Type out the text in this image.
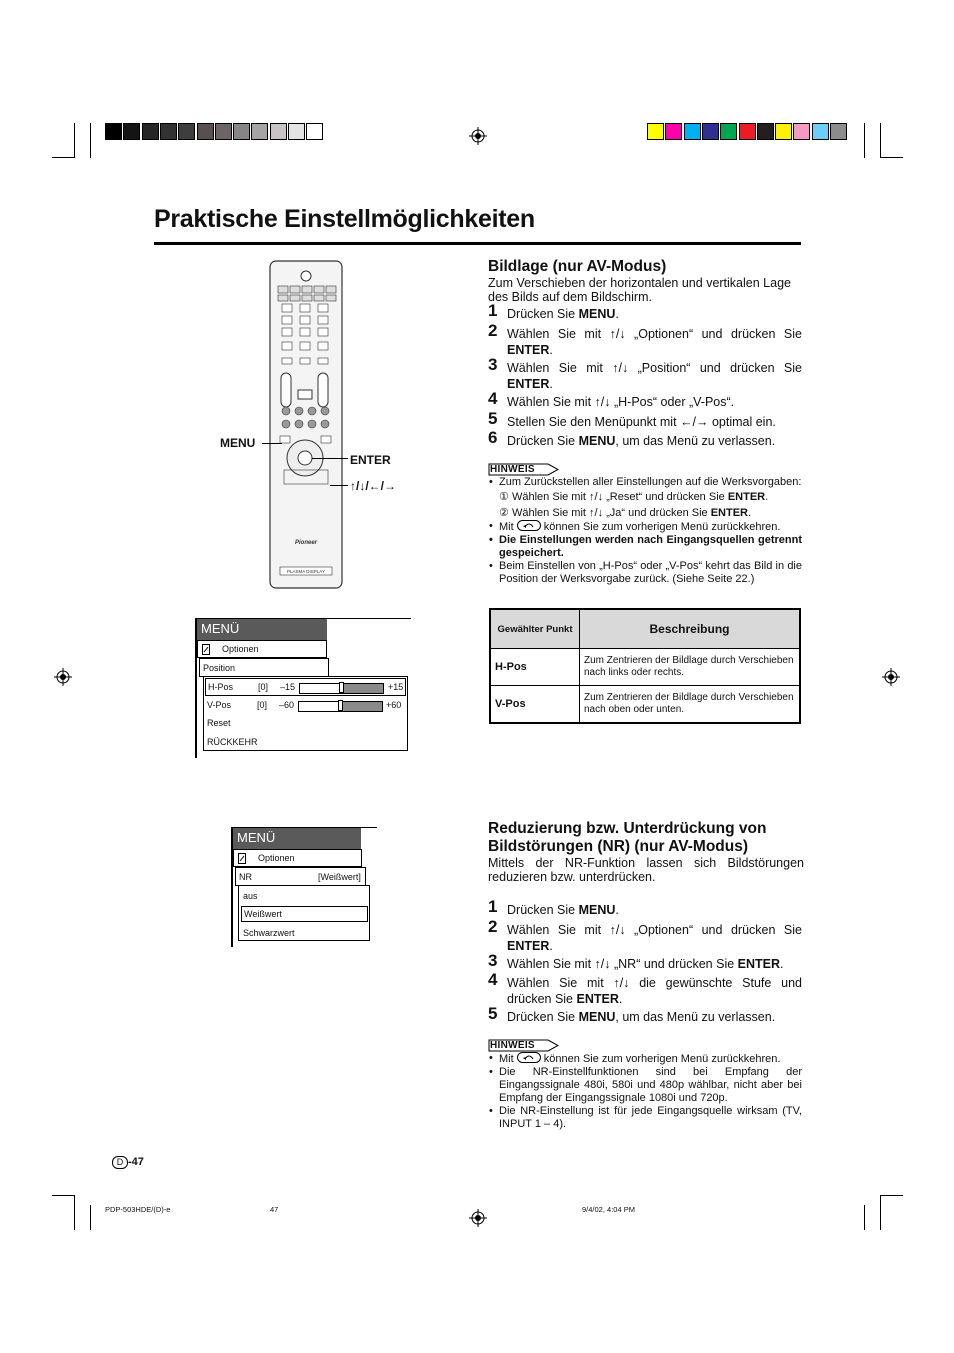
Praktische Einstellmöglichkeiten
Pioneer
PLASMA DISPLAY
MENU
ENTER
↑/↓/←/→
Bildlage (nur AV-Modus)
Zum Verschieben der horizontalen und vertikalen Lage des Bilds auf dem Bildschirm.
1 Drücken Sie MENU.
2 Wählen Sie mit ↑/↓ „Optionen“ und drücken Sie ENTER.
3 Wählen Sie mit ↑/↓ „Position“ und drücken Sie ENTER.
4 Wählen Sie mit ↑/↓ „H-Pos“ oder „V-Pos“.
5 Stellen Sie den Menüpunkt mit ←/→ optimal ein.
6 Drücken Sie MENU, um das Menü zu verlassen.
HINWEIS
• Zum Zurückstellen aller Einstellungen auf die Werksvorgaben:
① Wählen Sie mit ↑/↓ „Reset“ und drücken Sie ENTER.
② Wählen Sie mit ↑/↓ „Ja“ und drücken Sie ENTER.
• Mit	können Sie zum vorherigen Menü zurückkehren.
• Die Einstellungen werden nach Eingangsquellen getrennt gespeichert.
• Beim Einstellen von „H-Pos“ oder „V-Pos“ kehrt das Bild in die Position der Werksvorgabe zurück. (Siehe Seite 22.)
Gewählter Punkt	Beschreibung
H-Pos	Zum Zentrieren der Bildlage durch Verschieben nach links oder rechts.
V-Pos	Zum Zentrieren der Bildlage durch Verschieben nach oben oder unten.
MENÜ
Optionen
Position
H-Pos	[0] –15	+15
V-Pos	[0] –60	+60
Reset
RÜCKKEHR
Reduzierung bzw. Unterdrückung von Bildstörungen (NR) (nur AV-Modus)
Mittels der NR-Funktion lassen sich Bildstörungen reduzieren bzw. unterdrücken.
1 Drücken Sie MENU.
2 Wählen Sie mit ↑/↓ „Optionen“ und drücken Sie ENTER.
3 Wählen Sie mit ↑/↓ „NR“ und drücken Sie ENTER.
4 Wählen Sie mit ↑/↓ die gewünschte Stufe und drücken Sie ENTER.
5 Drücken Sie MENU, um das Menü zu verlassen.
HINWEIS
• Mit	können Sie zum vorherigen Menü zurückkehren.
• Die NR-Einstellfunktionen sind bei Empfang der Eingangssignale 480i, 580i und 480p wählbar, nicht aber bei Empfang der Eingangssignale 1080i und 720p.
• Die NR-Einstellung ist für jede Eingangsquelle wirksam (TV, INPUT 1 – 4).
MENÜ
Optionen
NR	[Weißwert]
aus
Weißwert
Schwarzwert
D -47
PDP-503HDE/(D)-e	47	9/4/02, 4:04 PM
